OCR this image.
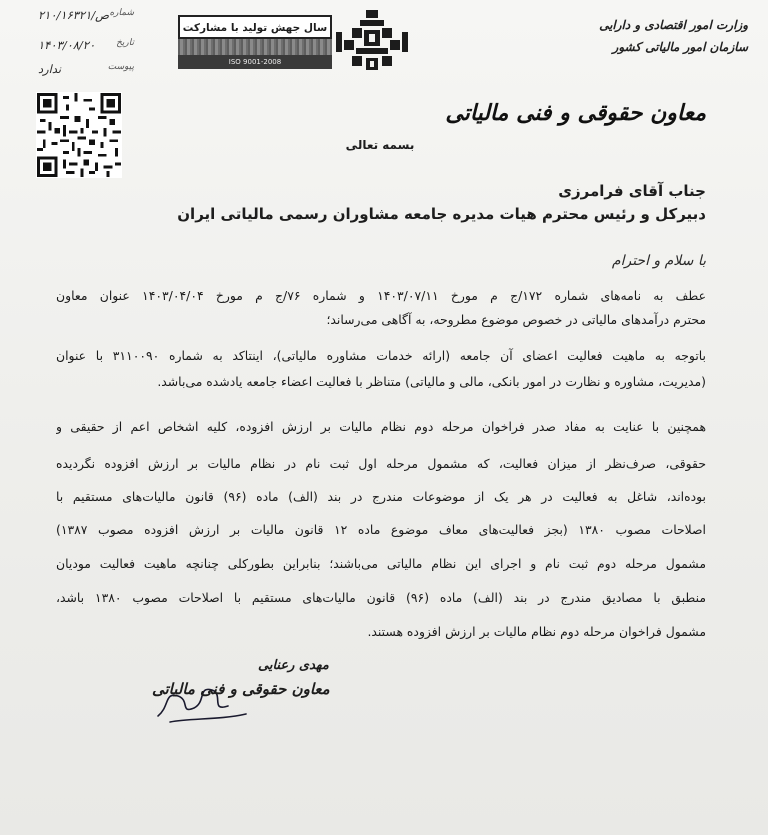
وزارت امور اقتصادی و دارایی
سازمان امور مالیاتی کشور
سال جهش تولید با مشارکت
ISO 9001-2008
۲۱۰/۱۶۳۲۱/ص شماره
۱۴۰۳/۰۸/۲۰ تاریخ
ندارد	پیوست
معاون حقوقی و فنی مالیاتی
بسمه تعالی
جناب آقای فرامرزی
دبیرکل و رئیس محترم هیات مدیره جامعه مشاوران رسمی مالیاتی ایران
با سلام و احترام
عطف به نامه‌های شماره ۱۷۲/ج م مورخ ۱۴۰۳/۰۷/۱۱ و شماره ۷۶/ج م مورخ ۱۴۰۳/۰۴/۰۴ عنوان معاون
محترم درآمدهای مالیاتی در خصوص موضوع مطروحه، به آگاهی می‌رساند؛
باتوجه به ماهیت فعالیت اعضای آن جامعه (ارائه خدمات مشاوره مالیاتی)، اینتاکد به شماره ۳۱۱۰۰۹۰ با عنوان
(مدیریت، مشاوره و نظارت در امور بانکی، مالی و مالیاتی) متناظر با فعالیت اعضاء جامعه یادشده می‌باشد.
همچنین با عنایت به مفاد صدر فراخوان مرحله دوم نظام مالیات بر ارزش افزوده، کلیه اشخاص اعم از حقیقی و
حقوقی، صرف‌نظر از میزان فعالیت، که مشمول مرحله اول ثبت نام در نظام مالیات بر ارزش افزوده نگردیده
بوده‌اند، شاغل به فعالیت در هر یک از موضوعات مندرج در بند (الف) ماده (۹۶) قانون مالیات‌های مستقیم با
اصلاحات مصوب ۱۳۸۰ (بجز فعالیت‌های معاف موضوع ماده ۱۲ قانون مالیات بر ارزش افزوده مصوب ۱۳۸۷)
مشمول مرحله دوم ثبت نام و اجرای این نظام مالیاتی می‌باشند؛ بنابراین بطورکلی چنانچه ماهیت فعالیت مودیان
منطبق با مصادیق مندرج در بند (الف) ماده (۹۶) قانون مالیات‌های مستقیم با اصلاحات مصوب ۱۳۸۰ باشد،
مشمول فراخوان مرحله دوم نظام مالیات بر ارزش افزوده هستند.
مهدی رعنایی
معاون حقوقی و فنی مالیاتی
